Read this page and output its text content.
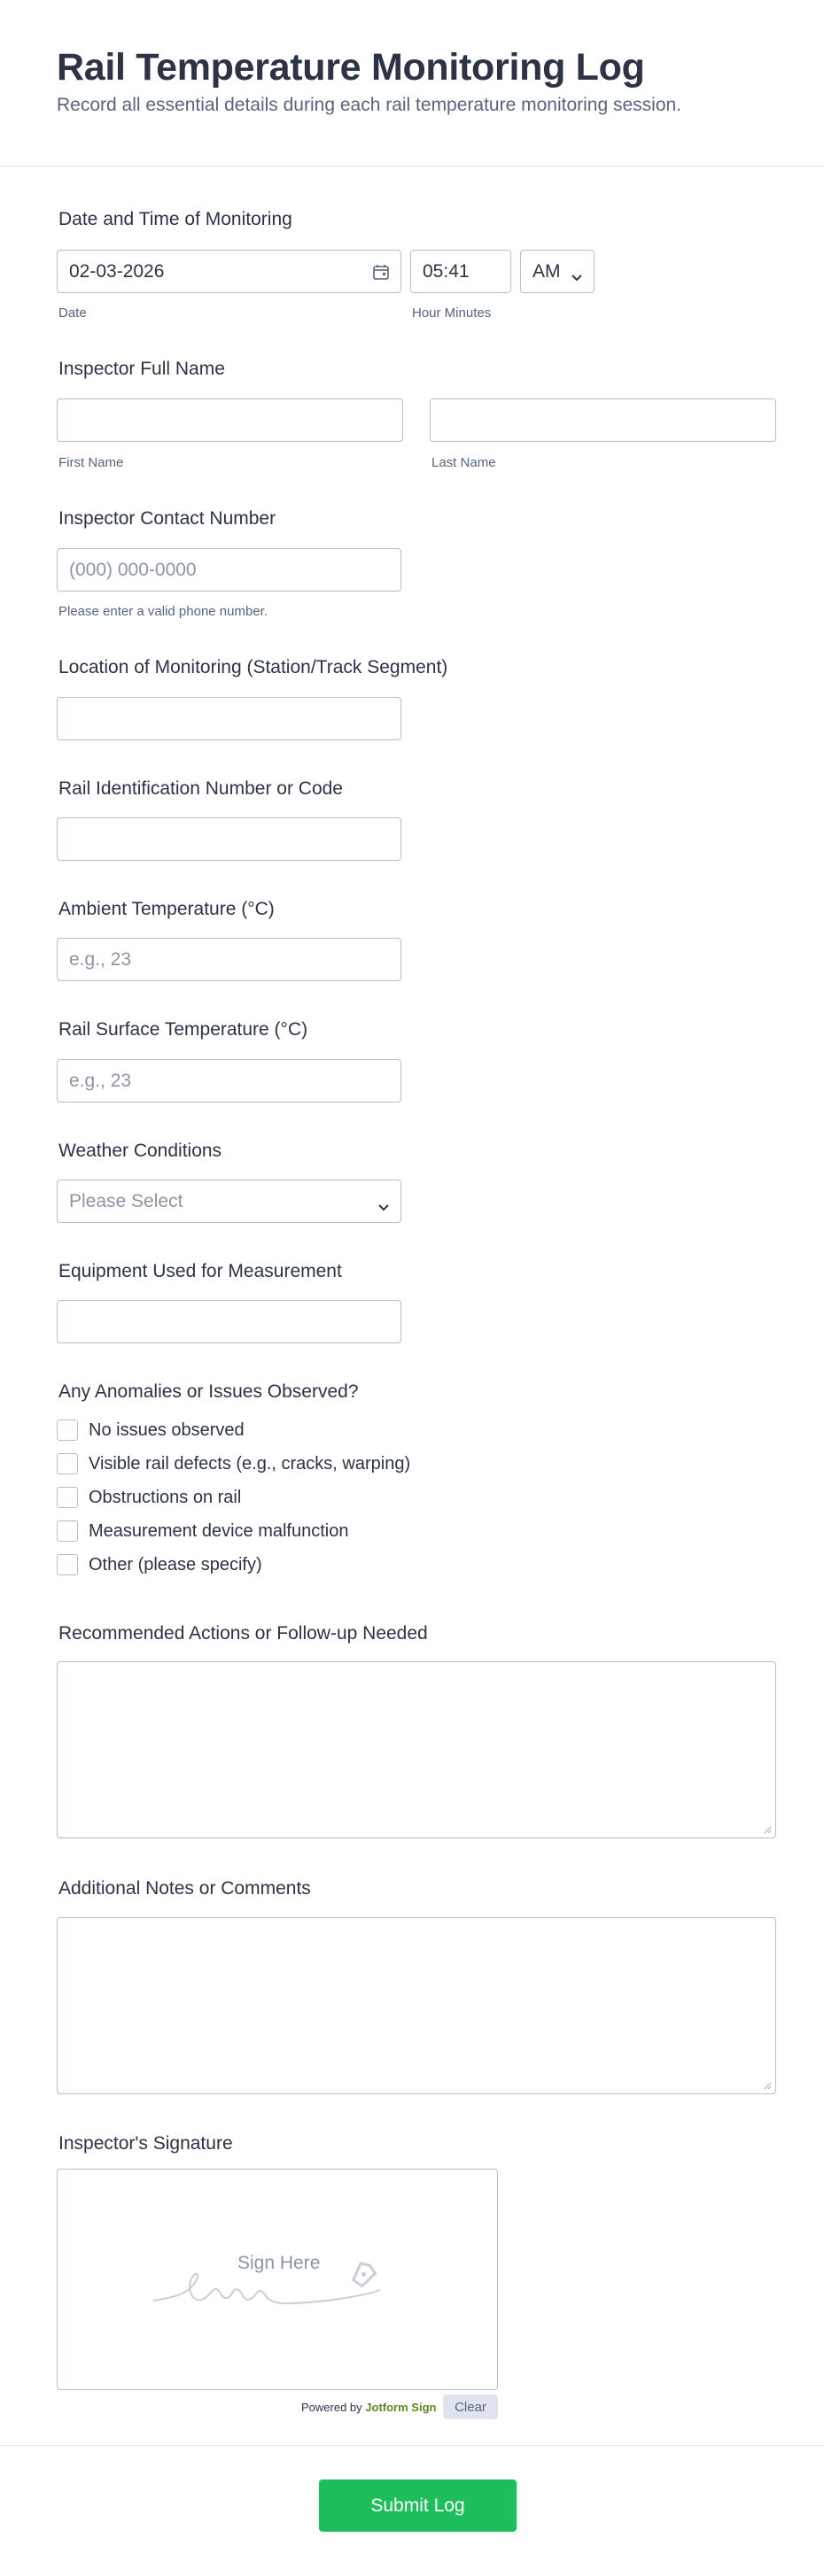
Rail Temperature Monitoring Log
Record all essential details during each rail temperature monitoring session.
Date and Time of Monitoring
02-03-2026
Date
05:41
Hour Minutes
AM
Inspector Full Name
First Name	Last Name
Inspector Contact Number
(000) 000-0000
Please enter a valid phone number.
Location of Monitoring (Station/Track Segment)
Rail Identification Number or Code
Ambient Temperature (°C)
e.g., 23
Rail Surface Temperature (°C)
e.g., 23
Weather Conditions
Please Select
Equipment Used for Measurement
Any Anomalies or Issues Observed?
No issues observed
Visible rail defects (e.g., cracks, warping)
Obstructions on rail
Measurement device malfunction
Other (please specify)
Recommended Actions or Follow-up Needed
Additional Notes or Comments
Inspector's Signature
Sign Here
Powered by Jotform Sign	Clear
Submit Log
